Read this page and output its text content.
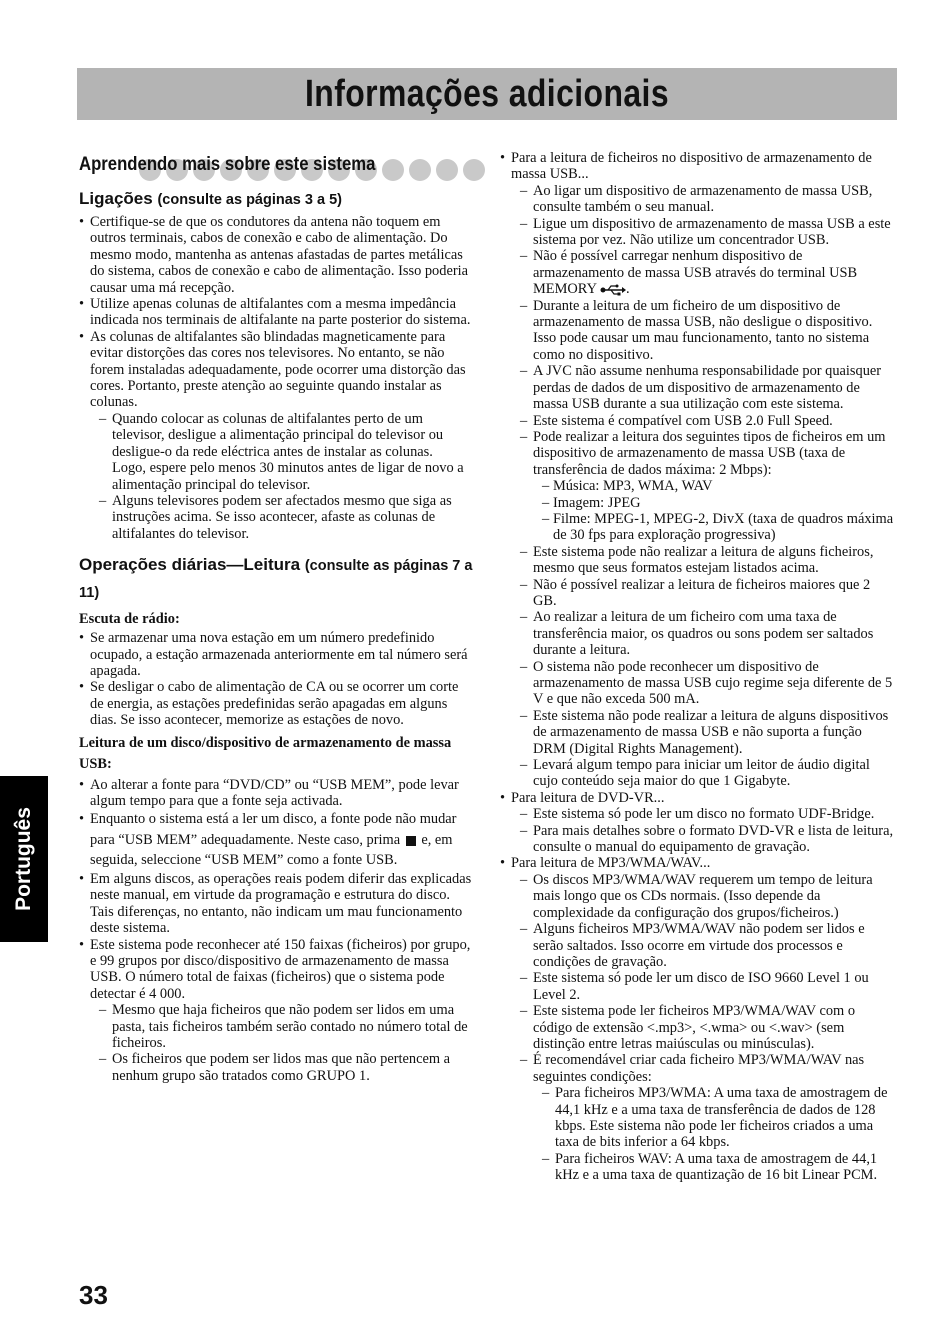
Informações adicionais
Aprendendo mais sobre este sistema
Ligações (consulte as páginas 3 a 5)
• Certifique-se de que os condutores da antena não toquem em outros terminais, cabos de conexão e cabo de alimentação. Do mesmo modo, mantenha as antenas afastadas de partes metálicas do sistema, cabos de conexão e cabo de alimentação. Isso poderia causar uma má recepção.
• Utilize apenas colunas de altifalantes com a mesma impedância indicada nos terminais de altifalante na parte posterior do sistema.
• As colunas de altifalantes são blindadas magneticamente para evitar distorções das cores nos televisores. No entanto, se não forem instaladas adequadamente, pode ocorrer uma distorção das cores. Portanto, preste atenção ao seguinte quando instalar as colunas.
– Quando colocar as colunas de altifalantes perto de um televisor, desligue a alimentação principal do televisor ou desligue-o da rede eléctrica antes de instalar as colunas.
Logo, espere pelo menos 30 minutos antes de ligar de novo a alimentação principal do televisor.
– Alguns televisores podem ser afectados mesmo que siga as instruções acima. Se isso acontecer, afaste as colunas de altifalantes do televisor.
Operações diárias—Leitura (consulte as páginas 7 a 11)
Escuta de rádio:
• Se armazenar uma nova estação em um número predefinido ocupado, a estação armazenada anteriormente em tal número será apagada.
• Se desligar o cabo de alimentação de CA ou se ocorrer um corte de energia, as estações predefinidas serão apagadas em alguns dias. Se isso acontecer, memorize as estações de novo.
Leitura de um disco/dispositivo de armazenamento de massa USB:
• Ao alterar a fonte para “DVD/CD” ou “USB MEM”, pode levar algum tempo para que a fonte seja activada.
• Enquanto o sistema está a ler um disco, a fonte pode não mudar para “USB MEM” adequadamente. Neste caso, prima e, em seguida, seleccione “USB MEM” como a fonte USB.
• Em alguns discos, as operações reais podem diferir das explicadas neste manual, em virtude da programação e estrutura do disco. Tais diferenças, no entanto, não indicam um mau funcionamento deste sistema.
• Este sistema pode reconhecer até 150 faixas (ficheiros) por grupo, e 99 grupos por disco/dispositivo de armazenamento de massa USB. O número total de faixas (ficheiros) que o sistema pode detectar é 4 000.
– Mesmo que haja ficheiros que não podem ser lidos em uma pasta, tais ficheiros também serão contado no número total de ficheiros.
– Os ficheiros que podem ser lidos mas que não pertencem a nenhum grupo são tratados como GRUPO 1.
• Para a leitura de ficheiros no dispositivo de armazenamento de massa USB...
– Ao ligar um dispositivo de armazenamento de massa USB, consulte também o seu manual.
– Ligue um dispositivo de armazenamento de massa USB a este sistema por vez. Não utilize um concentrador USB.
– Não é possível carregar nenhum dispositivo de armazenamento de massa USB através do terminal USB MEMORY .
– Durante a leitura de um ficheiro de um dispositivo de armazenamento de massa USB, não desligue o dispositivo. Isso pode causar um mau funcionamento, tanto no sistema como no dispositivo.
– A JVC não assume nenhuma responsabilidade por quaisquer perdas de dados de um dispositivo de armazenamento de massa USB durante a sua utilização com este sistema.
– Este sistema é compatível com USB 2.0 Full Speed.
– Pode realizar a leitura dos seguintes tipos de ficheiros em um dispositivo de armazenamento de massa USB (taxa de transferência de dados máxima: 2 Mbps):
– Música: MP3, WMA, WAV
– Imagem: JPEG
– Filme: MPEG-1, MPEG-2, DivX (taxa de quadros máxima de 30 fps para exploração progressiva)
– Este sistema pode não realizar a leitura de alguns ficheiros, mesmo que seus formatos estejam listados acima.
– Não é possível realizar a leitura de ficheiros maiores que 2 GB.
– Ao realizar a leitura de um ficheiro com uma taxa de transferência maior, os quadros ou sons podem ser saltados durante a leitura.
– O sistema não pode reconhecer um dispositivo de armazenamento de massa USB cujo regime seja diferente de 5 V e que não exceda 500 mA.
– Este sistema não pode realizar a leitura de alguns dispositivos de armazenamento de massa USB e não suporta a função DRM (Digital Rights Management).
– Levará algum tempo para iniciar um leitor de áudio digital cujo conteúdo seja maior do que 1 Gigabyte.
• Para leitura de DVD-VR...
– Este sistema só pode ler um disco no formato UDF-Bridge.
– Para mais detalhes sobre o formato DVD-VR e lista de leitura, consulte o manual do equipamento de gravação.
• Para leitura de MP3/WMA/WAV...
– Os discos MP3/WMA/WAV requerem um tempo de leitura mais longo que os CDs normais. (Isso depende da complexidade da configuração dos grupos/ficheiros.)
– Alguns ficheiros MP3/WMA/WAV não podem ser lidos e serão saltados. Isso ocorre em virtude dos processos e condições de gravação.
– Este sistema só pode ler um disco de ISO 9660 Level 1 ou Level 2.
– Este sistema pode ler ficheiros MP3/WMA/WAV com o código de extensão <.mp3>, <.wma> ou <.wav> (sem distinção entre letras maiúsculas ou minúsculas).
– É recomendável criar cada ficheiro MP3/WMA/WAV nas seguintes condições:
– Para ficheiros MP3/WMA: A uma taxa de amostragem de 44,1 kHz e a uma taxa de transferência de dados de 128 kbps. Este sistema não pode ler ficheiros criados a uma taxa de bits inferior a 64 kbps.
– Para ficheiros WAV: A uma taxa de amostragem de 44,1 kHz e a uma taxa de quantização de 16 bit Linear PCM.
Português
33
